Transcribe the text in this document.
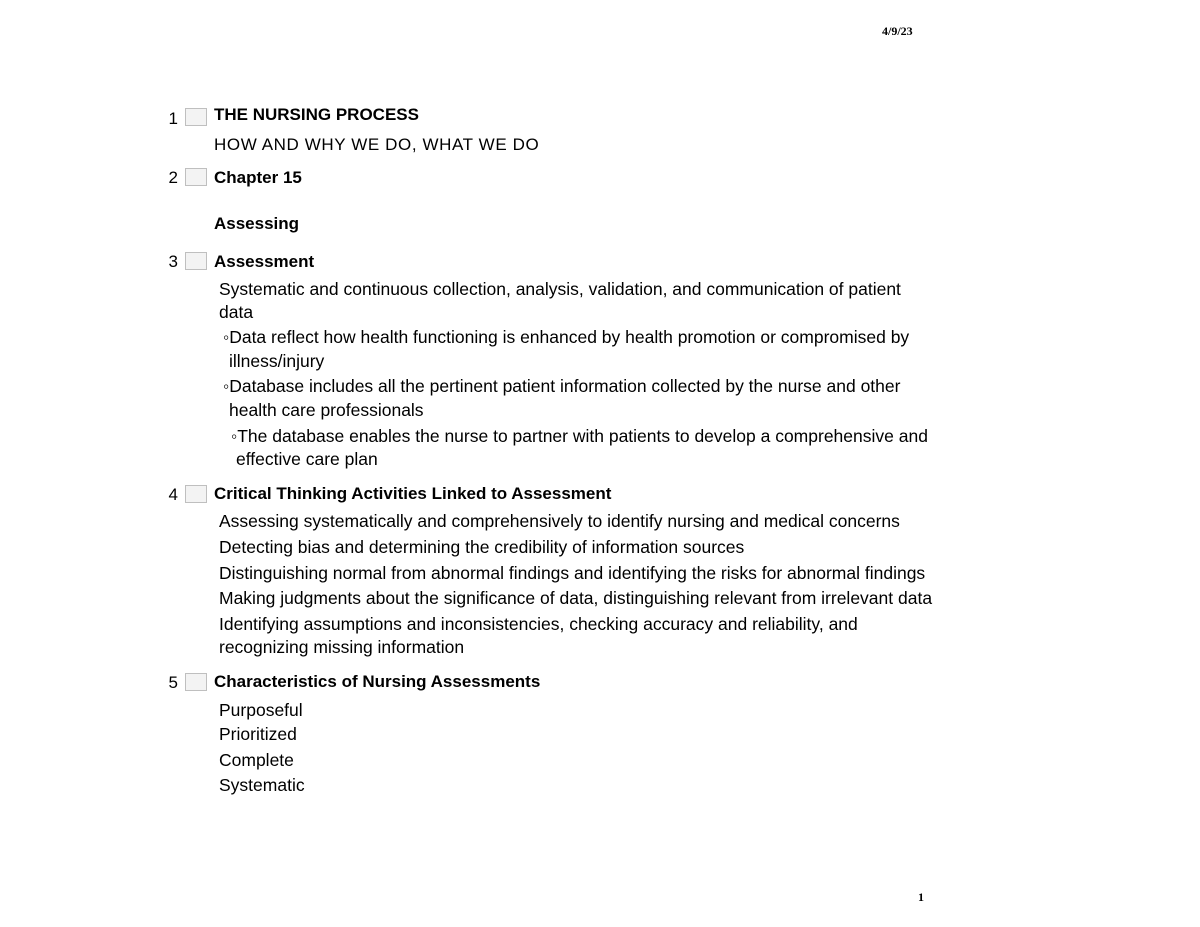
4/9/23
1 THE NURSING PROCESS
HOW AND WHY WE DO, WHAT WE DO
2 Chapter 15
Assessing
3 Assessment
Systematic and continuous collection, analysis, validation, and communication of patient
data
◦Data reflect how health functioning is enhanced by health promotion or compromised by
illness/injury
◦Database includes all the pertinent patient information collected by the nurse and other
health care professionals
◦The database enables the nurse to partner with patients to develop a comprehensive and
effective care plan
4 Critical Thinking Activities Linked to Assessment
Assessing systematically and comprehensively to identify nursing and medical concerns
Detecting bias and determining the credibility of information sources
Distinguishing normal from abnormal findings and identifying the risks for abnormal findings
Making judgments about the significance of data, distinguishing relevant from irrelevant data
Identifying assumptions and inconsistencies, checking accuracy and reliability, and
recognizing missing information
5 Characteristics of Nursing Assessments
Purposeful
Prioritized
Complete
Systematic
1
